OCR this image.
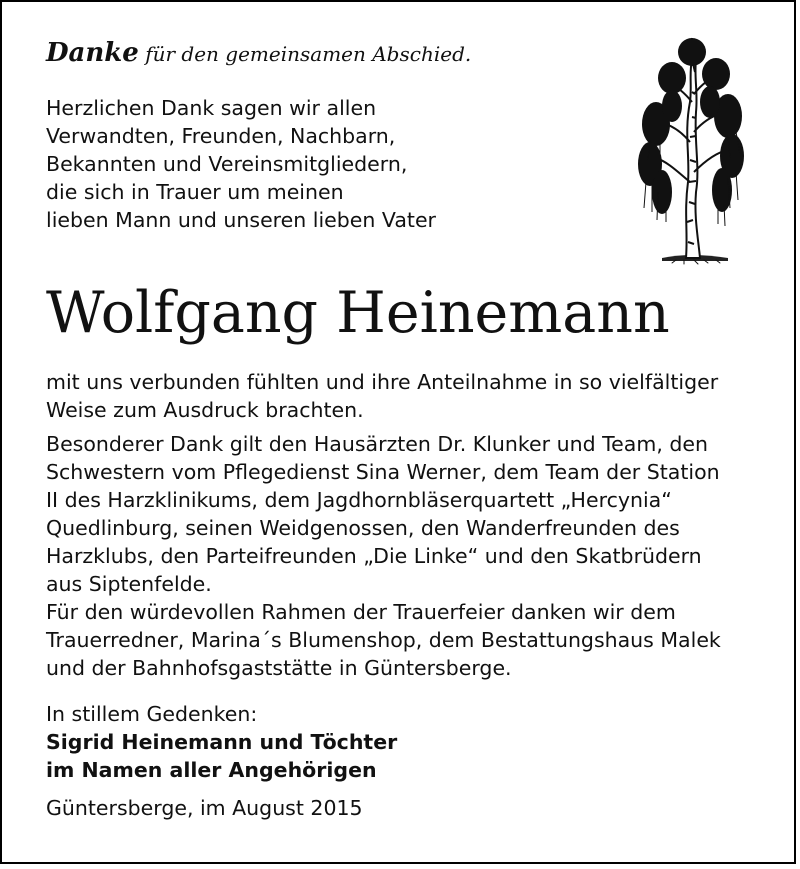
Danke für den gemeinsamen Abschied.
Herzlichen Dank sagen wir allen
Verwandten, Freunden, Nachbarn,
Bekannten und Vereinsmitgliedern,
die sich in Trauer um meinen
lieben Mann und unseren lieben Vater
Wolfgang Heinemann
mit uns verbunden fühlten und ihre Anteilnahme in so vielfältiger
Weise zum Ausdruck brachten.
Besonderer Dank gilt den Hausärzten Dr. Klunker und Team, den
Schwestern vom Pflegedienst Sina Werner, dem Team der Station
II des Harzklinikums, dem Jagdhornbläserquartett „Hercynia“
Quedlinburg, seinen Weidgenossen, den Wanderfreunden des
Harzklubs, den Parteifreunden „Die Linke“ und den Skatbrüdern
aus Siptenfelde.
Für den würdevollen Rahmen der Trauerfeier danken wir dem
Trauerredner, Marina´s Blumenshop, dem Bestattungshaus Malek
und der Bahnhofsgaststätte in Güntersberge.
In stillem Gedenken:
Sigrid Heinemann und Töchter
im Namen aller Angehörigen
Güntersberge, im August 2015
